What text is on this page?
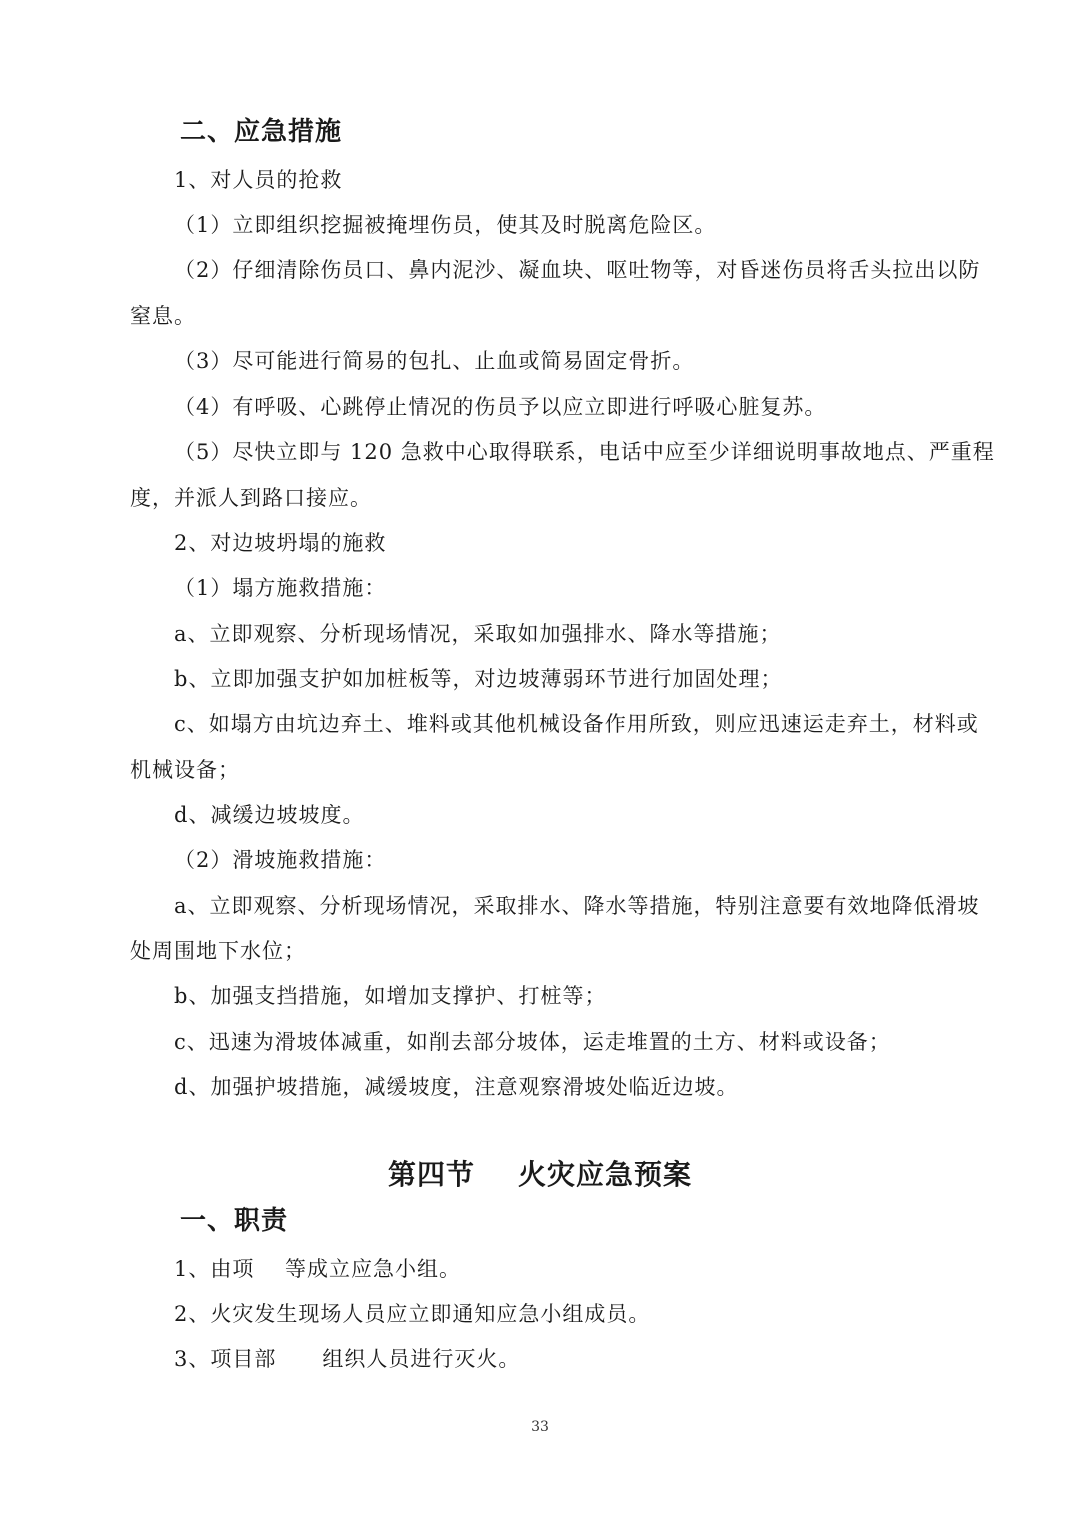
二、应急措施
1、对人员的抢救
（1）立即组织挖掘被掩埋伤员，使其及时脱离危险区。
（2）仔细清除伤员口、鼻内泥沙、凝血块、呕吐物等，对昏迷伤员将舌头拉出以防
窒息。
（3）尽可能进行简易的包扎、止血或简易固定骨折。
（4）有呼吸、心跳停止情况的伤员予以应立即进行呼吸心脏复苏。
（5）尽快立即与 120 急救中心取得联系，电话中应至少详细说明事故地点、严重程
度，并派人到路口接应。
2、对边坡坍塌的施救
（1）塌方施救措施：
a、立即观察、分析现场情况，采取如加强排水、降水等措施；
b、立即加强支护如加桩板等，对边坡薄弱环节进行加固处理；
c、如塌方由坑边弃土、堆料或其他机械设备作用所致，则应迅速运走弃土，材料或
机械设备；
d、减缓边坡坡度。
（2）滑坡施救措施：
a、立即观察、分析现场情况，采取排水、降水等措施，特别注意要有效地降低滑坡
处周围地下水位；
b、加强支挡措施，如增加支撑护、打桩等；
c、迅速为滑坡体减重，如削去部分坡体，运走堆置的土方、材料或设备；
d、加强护坡措施，减缓坡度，注意观察滑坡处临近边坡。
第四节    火灾应急预案
一、职责
1、由项    等成立应急小组。
2、火灾发生现场人员应立即通知应急小组成员。
3、项目部      组织人员进行灭火。
33
